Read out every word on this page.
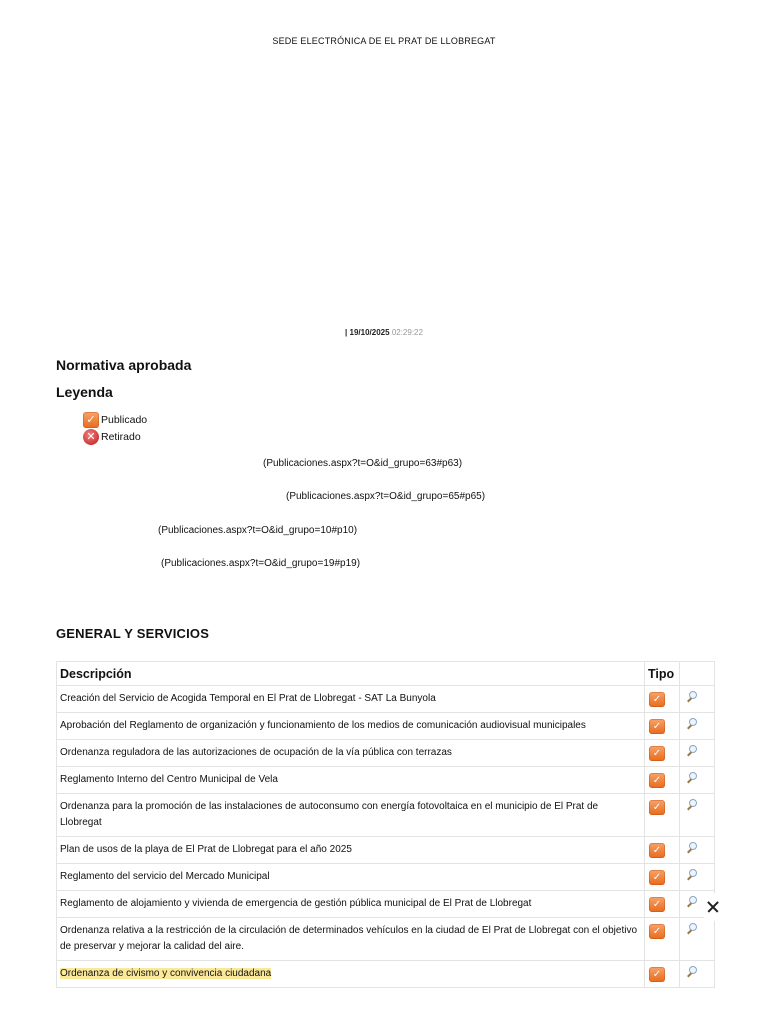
SEDE ELECTRÓNICA DE EL PRAT DE LLOBREGAT
| 19/10/2025 02:29:22
Normativa aprobada
Leyenda
✓ Publicado
✕ Retirado
(Publicaciones.aspx?t=O&id_grupo=63#p63)
(Publicaciones.aspx?t=O&id_grupo=65#p65)
(Publicaciones.aspx?t=O&id_grupo=10#p10)
(Publicaciones.aspx?t=O&id_grupo=19#p19)
GENERAL Y SERVICIOS
Descripción	Tipo	
Creación del Servicio de Acogida Temporal en El Prat de Llobregat - SAT La Bunyola	✓	

Aprobación del Reglamento de organización y funcionamiento de los medios de comunicación audiovisual municipales	✓	

Ordenanza reguladora de las autorizaciones de ocupación de la vía pública con terrazas	✓	

Reglamento Interno del Centro Municipal de Vela	✓	

Ordenanza para la promoción de las instalaciones de autoconsumo con energía fotovoltaica en el municipio de El Prat de Llobregat	✓	

Plan de usos de la playa de El Prat de Llobregat para el año 2025	✓	

Reglamento del servicio del Mercado Municipal	✓	

Reglamento de alojamiento y vivienda de emergencia de gestión pública municipal de El Prat de Llobregat	✓	

Ordenanza relativa a la restricción de la circulación de determinados vehículos en la ciudad de El Prat de Llobregat con el objetivo de preservar y mejorar la calidad del aire.	✓	

Ordenanza de civismo y convivencia ciudadana	✓	
